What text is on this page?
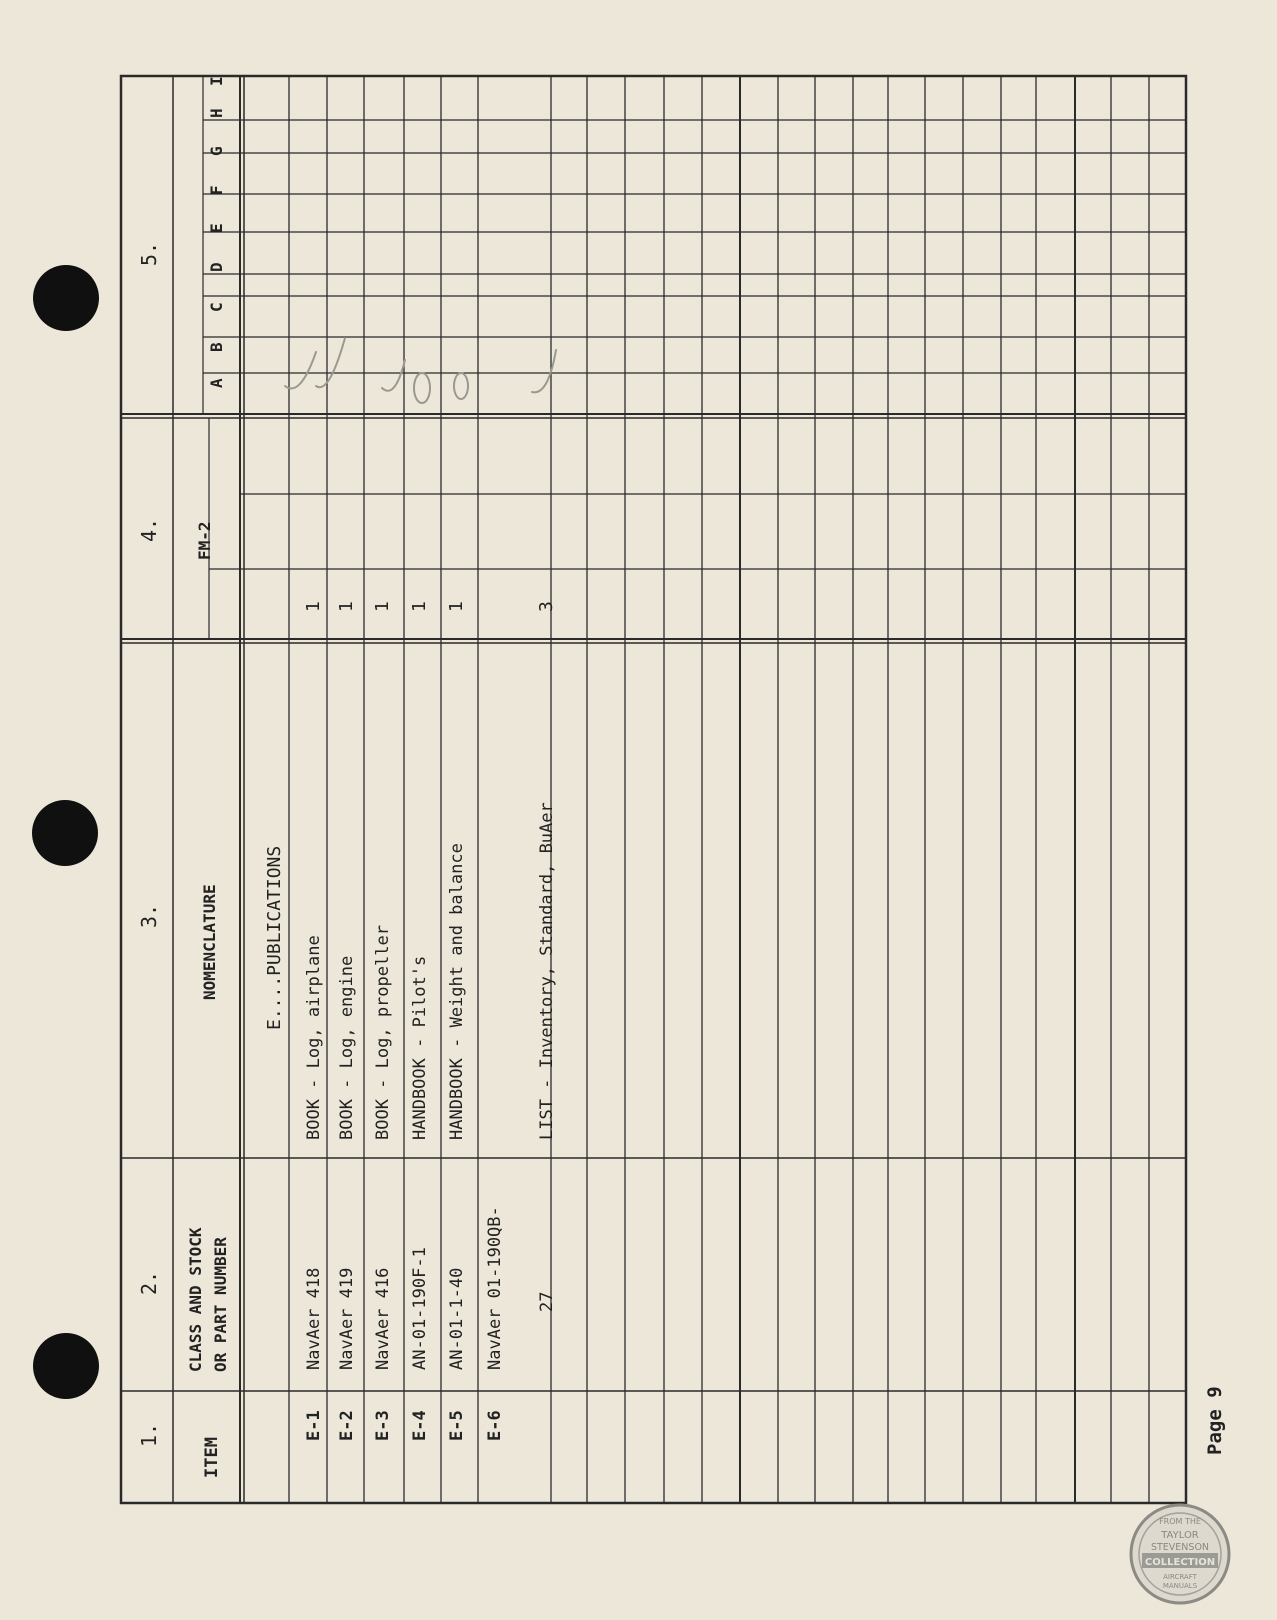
1.
2.
3.
4.
5.
ITEM
CLASS AND STOCK OR PART NUMBER
NOMENCLATURE
FM-2
A
B
C
D
E
F
G
H
I
E....PUBLICATIONS
E-1
NavAer 418
BOOK - Log, airplane
1
E-2
NavAer 419
BOOK - Log, engine
1
E-3
NavAer 416
BOOK - Log, propeller
1
E-4
AN-01-190F-1
HANDBOOK - Pilot's
1
E-5
AN-01-1-40
HANDBOOK - Weight and balance
1
E-6
NavAer 01-190QB-
LIST - Inventory, Standard, BuAer
3
27
Page 9
FROM THE
TAYLOR
STEVENSON
COLLECTION
AIRCRAFT
MANUALS
